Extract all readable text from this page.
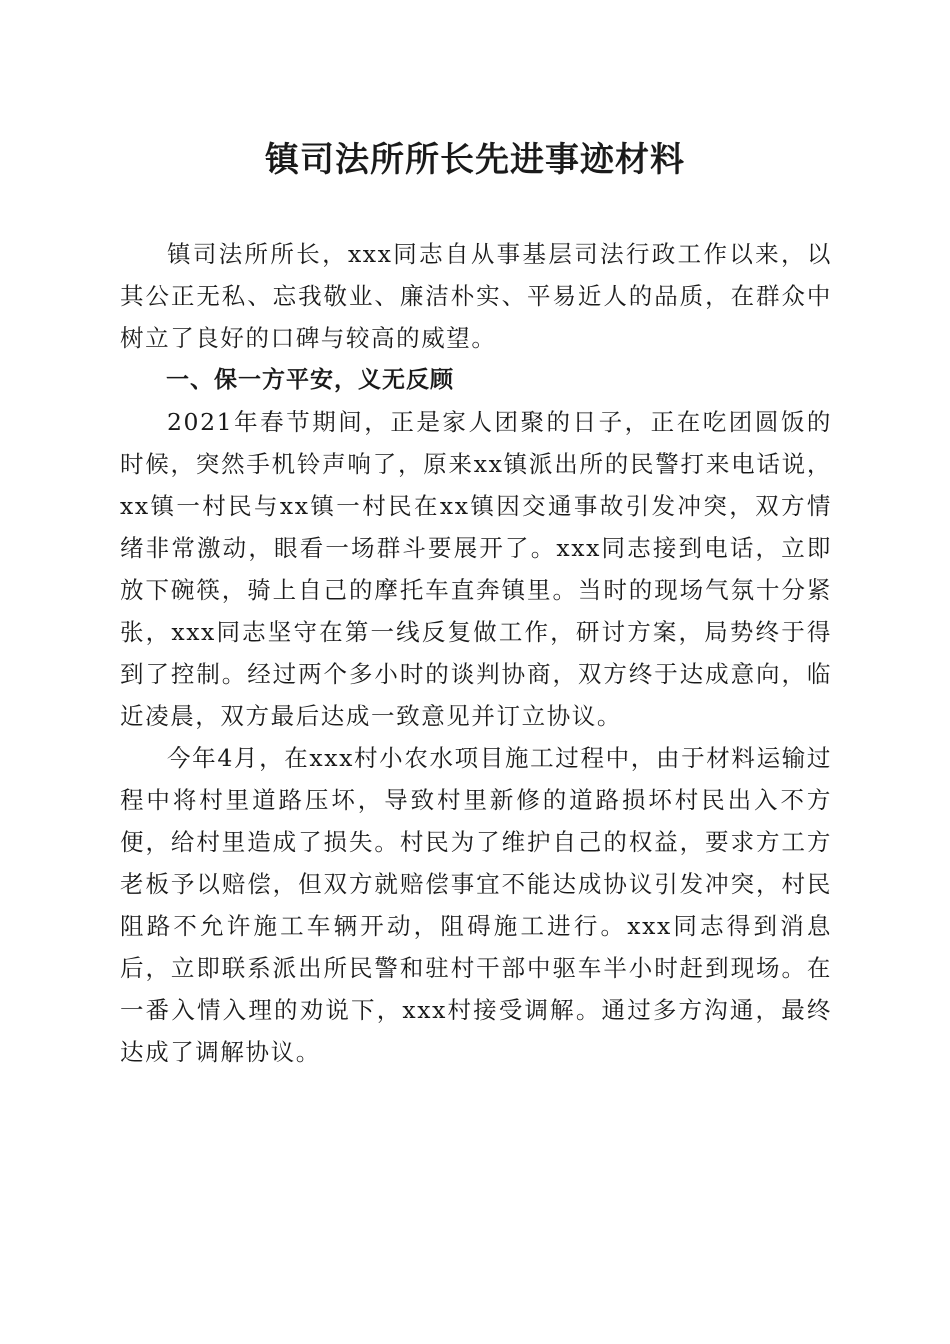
镇司法所所长先进事迹材料

镇司法所所长，xxx同志自从事基层司法行政工作以来，以其公正无私、忘我敬业、廉洁朴实、平易近人的品质，在群众中树立了良好的口碑与较高的威望。

一、保一方平安，义无反顾

2021年春节期间，正是家人团聚的日子，正在吃团圆饭的时候，突然手机铃声响了，原来xx镇派出所的民警打来电话说，xx镇一村民与xx镇一村民在xx镇因交通事故引发冲突，双方情绪非常激动，眼看一场群斗要展开了。xxx同志接到电话，立即放下碗筷，骑上自己的摩托车直奔镇里。当时的现场气氛十分紧张，xxx同志坚守在第一线反复做工作，研讨方案，局势终于得到了控制。经过两个多小时的谈判协商，双方终于达成意向，临近凌晨，双方最后达成一致意见并订立协议。

今年4月，在xxx村小农水项目施工过程中，由于材料运输过程中将村里道路压坏，导致村里新修的道路损坏村民出入不方便，给村里造成了损失。村民为了维护自己的权益，要求方工方老板予以赔偿，但双方就赔偿事宜不能达成协议引发冲突，村民阻路不允许施工车辆开动，阻碍施工进行。xxx同志得到消息后，立即联系派出所民警和驻村干部中驱车半小时赶到现场。在一番入情入理的劝说下，xxx村接受调解。通过多方沟通，最终达成了调解协议。
